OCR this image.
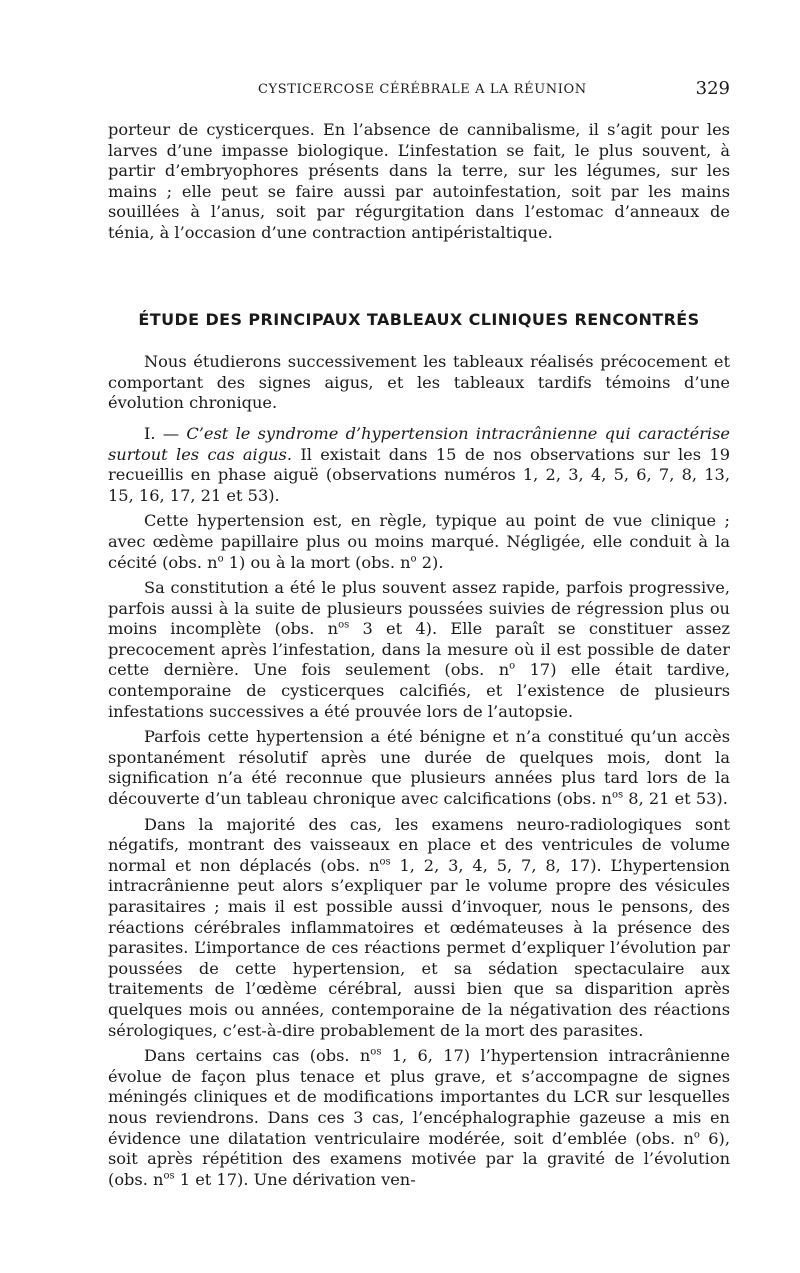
CYSTICERCOSE CÉRÉBRALE A LA RÉUNION	329

porteur de cysticerques. En l’absence de cannibalisme, il s’agit pour les larves d’une impasse biologique. L’infestation se fait, le plus souvent, à partir d’embryophores présents dans la terre, sur les légumes, sur les mains ; elle peut se faire aussi par autoinfestation, soit par les mains souillées à l’anus, soit par régurgitation dans l’estomac d’anneaux de ténia, à l’occasion d’une contraction antipéristaltique.

ÉTUDE DES PRINCIPAUX TABLEAUX CLINIQUES RENCONTRÉS

Nous étudierons successivement les tableaux réalisés précocement et comportant des signes aigus, et les tableaux tardifs témoins d’une évolution chronique.

I. — C’est le syndrome d’hypertension intracrânienne qui caractérise surtout les cas aigus. Il existait dans 15 de nos observations sur les 19 recueillis en phase aiguë (observations numéros 1, 2, 3, 4, 5, 6, 7, 8, 13, 15, 16, 17, 21 et 53).

Cette hypertension est, en règle, typique au point de vue clinique ; avec œdème papillaire plus ou moins marqué. Négligée, elle conduit à la cécité (obs. $n^o$ 1) ou à la mort (obs. $n^o$ 2).

Sa constitution a été le plus souvent assez rapide, parfois progressive, parfois aussi à la suite de plusieurs poussées suivies de régression plus ou moins incomplète (obs. $n^{os}$ 3 et 4). Elle paraît se constituer assez precocement après l’infestation, dans la mesure où il est possible de dater cette dernière. Une fois seulement (obs. $n^o$ 17) elle était tardive, contemporaine de cysticerques calcifiés, et l’existence de plusieurs infestations successives a été prouvée lors de l’autopsie.

Parfois cette hypertension a été bénigne et n’a constitué qu’un accès spontanément résolutif après une durée de quelques mois, dont la signification n’a été reconnue que plusieurs années plus tard lors de la découverte d’un tableau chronique avec calcifications (obs. $n^{os}$ 8, 21 et 53).

Dans la majorité des cas, les examens neuro-radiologiques sont négatifs, montrant des vaisseaux en place et des ventricules de volume normal et non déplacés (obs. $n^{os}$ 1, 2, 3, 4, 5, 7, 8, 17). L’hypertension intracrânienne peut alors s’expliquer par le volume propre des vésicules parasitaires ; mais il est possible aussi d’invoquer, nous le pensons, des réactions cérébrales inflammatoires et œdémateuses à la présence des parasites. L’importance de ces réactions permet d’expliquer l’évolution par poussées de cette hypertension, et sa sédation spectaculaire aux traitements de l’œdème cérébral, aussi bien que sa disparition après quelques mois ou années, contemporaine de la négativation des réactions sérologiques, c’est-à-dire probablement de la mort des parasites.

Dans certains cas (obs. $n^{os}$ 1, 6, 17) l’hypertension intracrânienne évolue de façon plus tenace et plus grave, et s’accompagne de signes méningés cliniques et de modifications importantes du LCR sur lesquelles nous reviendrons. Dans ces 3 cas, l’encéphalographie gazeuse a mis en évidence une dilatation ventriculaire modérée, soit d’emblée (obs. $n^o$ 6), soit après répétition des examens motivée par la gravité de l’évolution (obs. $n^{os}$ 1 et 17). Une dérivation ven-
